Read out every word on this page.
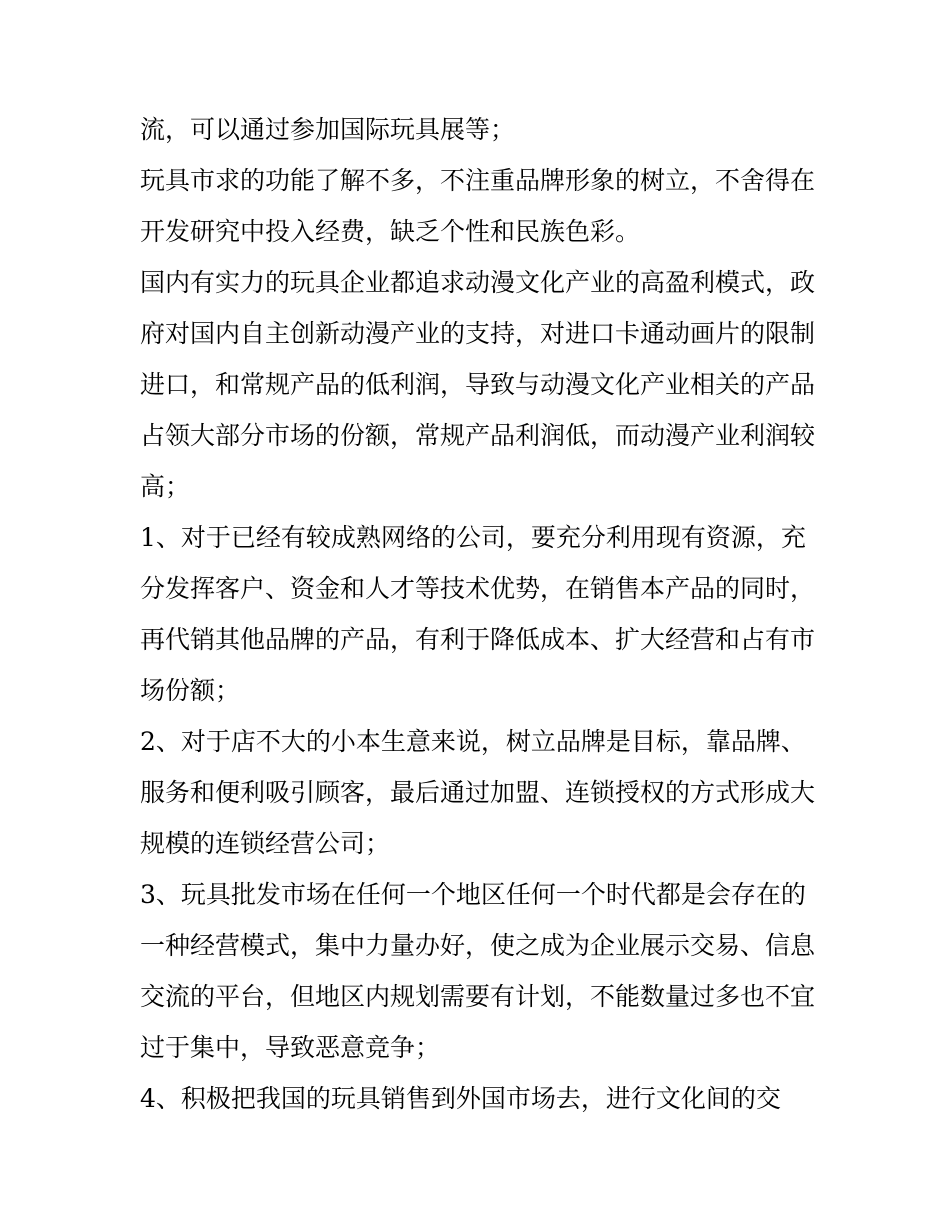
流，可以通过参加国际玩具展等；
玩具市求的功能了解不多，不注重品牌形象的树立，不舍得在
开发研究中投入经费，缺乏个性和民族色彩。
国内有实力的玩具企业都追求动漫文化产业的高盈利模式，政
府对国内自主创新动漫产业的支持，对进口卡通动画片的限制
进口，和常规产品的低利润，导致与动漫文化产业相关的产品
占领大部分市场的份额，常规产品利润低，而动漫产业利润较
高；
1、对于已经有较成熟网络的公司，要充分利用现有资源，充
分发挥客户、资金和人才等技术优势，在销售本产品的同时，
再代销其他品牌的产品，有利于降低成本、扩大经营和占有市
场份额；
2、对于店不大的小本生意来说，树立品牌是目标，靠品牌、
服务和便利吸引顾客，最后通过加盟、连锁授权的方式形成大
规模的连锁经营公司；
3、玩具批发市场在任何一个地区任何一个时代都是会存在的
一种经营模式，集中力量办好，使之成为企业展示交易、信息
交流的平台，但地区内规划需要有计划，不能数量过多也不宜
过于集中，导致恶意竞争；
4、积极把我国的玩具销售到外国市场去，进行文化间的交
